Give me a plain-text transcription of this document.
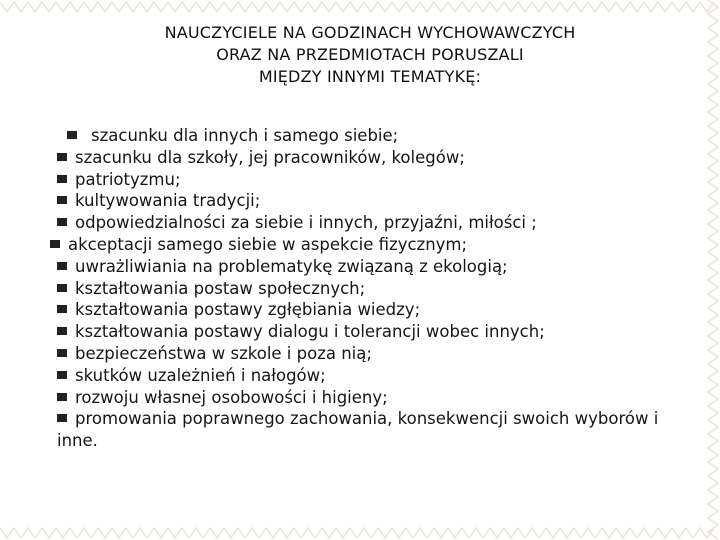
NAUCZYCIELE NA GODZINACH WYCHOWAWCZYCH
ORAZ NA PRZEDMIOTACH PORUSZALI
MIĘDZY INNYMI TEMATYKĘ:
szacunku dla innych i samego siebie;
szacunku dla szkoły, jej pracowników, kolegów;
patriotyzmu;
kultywowania tradycji;
odpowiedzialności za siebie i innych, przyjaźni, miłości ;
akceptacji samego siebie w aspekcie fizycznym;
uwrażliwiania na problematykę związaną z ekologią;
kształtowania postaw społecznych;
kształtowania postawy zgłębiania wiedzy;
kształtowania postawy dialogu i tolerancji wobec innych;
bezpieczeństwa w szkole i poza nią;
skutków uzależnień i nałogów;
rozwoju własnej osobowości i higieny;
promowania poprawnego zachowania, konsekwencji swoich wyborów i inne.
